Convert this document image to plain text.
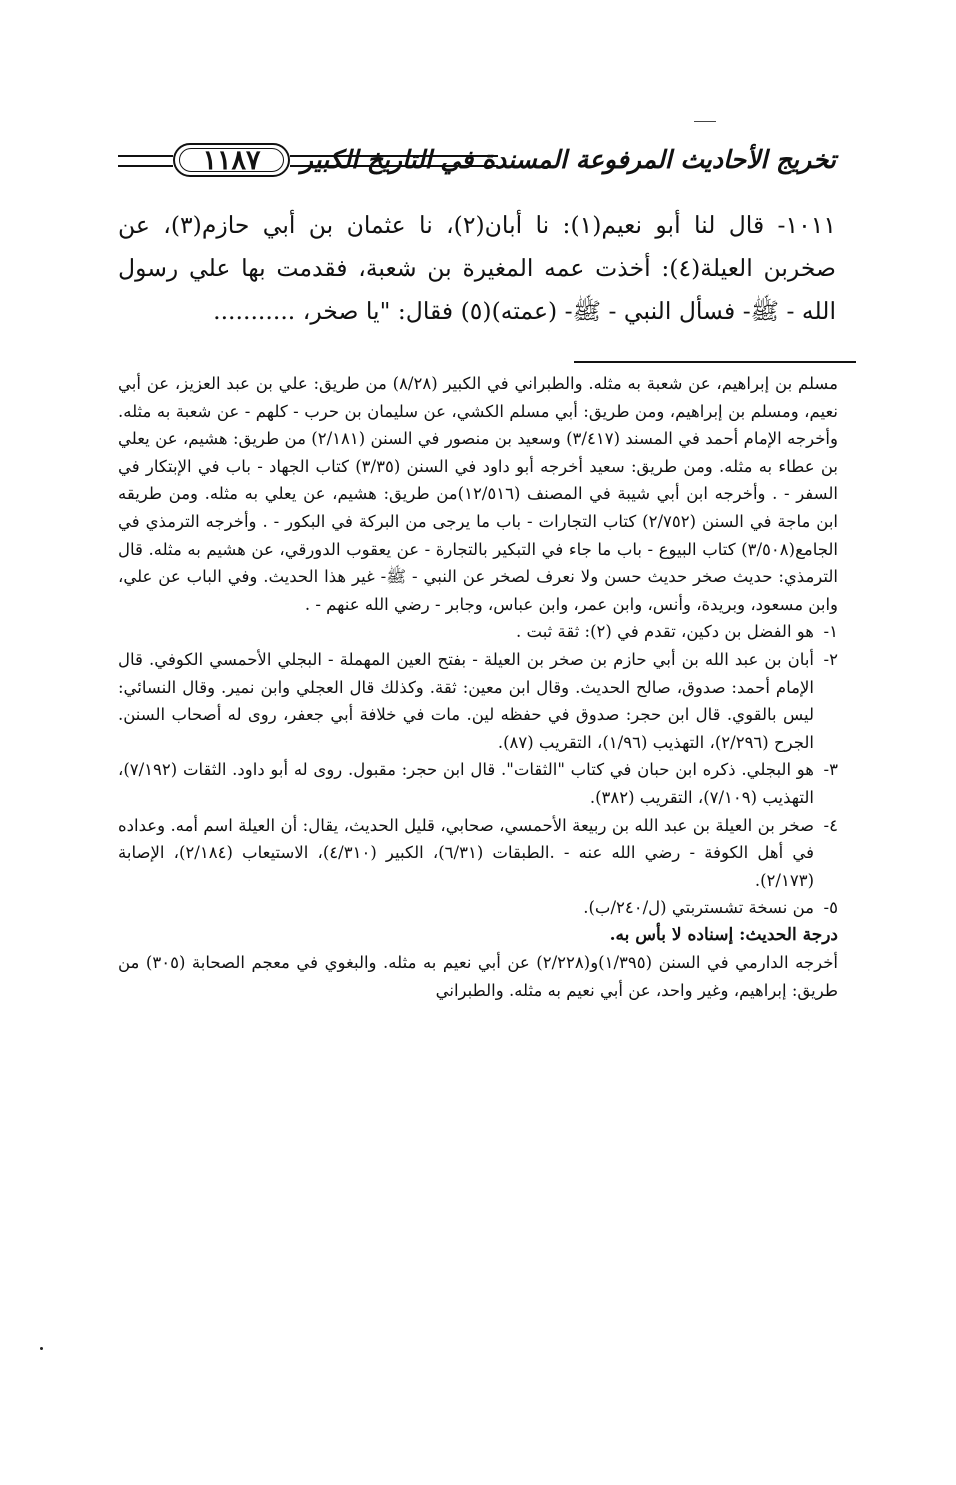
١١٨٧ تخريج الأحاديث المرفوعة المسندة في التاريخ الكبير

١٠١١- قال لنا أبو نعيم(١): نا أبان(٢)، نا عثمان بن أبي حازم(٣)، عن صخربن العيلة(٤): أخذت عمه المغيرة بن شعبة، فقدمت بها علي رسول الله - ﷺ- فسأل النبي - ﷺ- (عمته)(٥) فقال: "يا صخر، ...........

مسلم بن إبراهيم، عن شعبة به مثله. والطبراني في الكبير (٨/٢٨) من طريق: علي بن عبد العزيز، عن أبي نعيم، ومسلم بن إبراهيم، ومن طريق: أبي مسلم الكشي، عن سليمان بن حرب - كلهم - عن شعبة به مثله. وأخرجه الإمام أحمد في المسند (٣/٤١٧) وسعيد بن منصور في السنن (٢/١٨١) من طريق: هشيم، عن يعلي بن عطاء به مثله. ومن طريق: سعيد أخرجه أبو داود في السنن (٣/٣٥) كتاب الجهاد - باب في الإبتكار في السفر - . وأخرجه ابن أبي شيبة في المصنف (١٢/٥١٦)من طريق: هشيم، عن يعلي به مثله. ومن طريقه ابن ماجة في السنن (٢/٧٥٢) كتاب التجارات - باب ما يرجى من البركة في البكور - . وأخرجه الترمذي في الجامع(٣/٥٠٨) كتاب البيوع - باب ما جاء في التبكير بالتجارة - عن يعقوب الدورقي، عن هشيم به مثله. قال الترمذي: حديث صخر حديث حسن ولا نعرف لصخر عن النبي - ﷺ- غير هذا الحديث. وفي الباب عن علي، وابن مسعود، وبريدة، وأنس، وابن عمر، وابن عباس، وجابر - رضي الله عنهم - .

١-
هو الفضل بن دكين، تقدم في (٢): ثقة ثبت .
٢-
أبان بن عبد الله بن أبي حازم بن صخر بن العيلة - بفتح العين المهملة - البجلي الأحمسي الكوفي. قال الإمام أحمد: صدوق، صالح الحديث. وقال ابن معين: ثقة. وكذلك قال العجلي وابن نمير. وقال النسائي: ليس بالقوي. قال ابن حجر: صدوق في حفظه لين. مات في خلافة أبي جعفر، روى له أصحاب السنن. الجرح (٢/٢٩٦)، التهذيب (١/٩٦)، التقريب (٨٧).
٣-
هو البجلي. ذكره ابن حبان في كتاب "الثقات". قال ابن حجر: مقبول. روى له أبو داود. الثقات (٧/١٩٢)، التهذيب (٧/١٠٩)، التقريب (٣٨٢).
٤-
صخر بن العيلة بن عبد الله بن ربيعة الأحمسي، صحابي، قليل الحديث، يقال: أن العيلة اسم أمه. وعداده في أهل الكوفة - رضي الله عنه - .الطبقات (٦/٣١)، الكبير (٤/٣١٠)، الاستيعاب (٢/١٨٤)، الإصابة (٢/١٧٣).
٥-
من نسخة تشستربتي (ل/٢٤٠/ب).

درجة الحديث: إسناده لا بأس به.

أخرجه الدارمي في السنن (١/٣٩٥)و(٢/٢٢٨) عن أبي نعيم به مثله. والبغوي في معجم الصحابة (٣٠٥) من طريق: إبراهيم، وغير واحد، عن أبي نعيم به مثله. والطبراني
